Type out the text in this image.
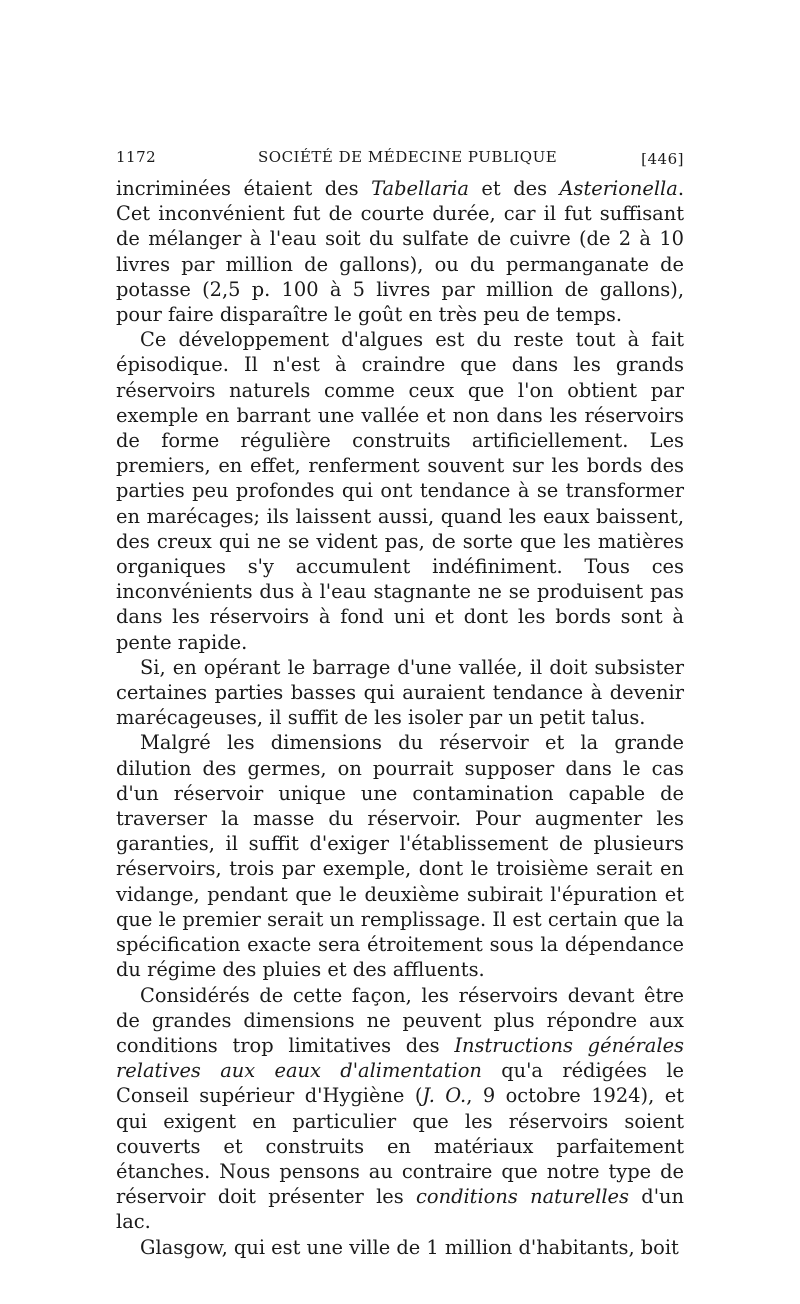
1172	SOCIÉTÉ DE MÉDECINE PUBLIQUE	[446]

incriminées étaient des Tabellaria et des Asterionella. Cet inconvénient fut de courte durée, car il fut suffisant de mélanger à l'eau soit du sulfate de cuivre (de 2 à 10 livres par million de gallons), ou du permanganate de potasse (2,5 p. 100 à 5 livres par million de gallons), pour faire disparaître le goût en très peu de temps.

Ce développement d'algues est du reste tout à fait épisodique. Il n'est à craindre que dans les grands réservoirs naturels comme ceux que l'on obtient par exemple en barrant une vallée et non dans les réservoirs de forme régulière construits artificiellement. Les premiers, en effet, renferment souvent sur les bords des parties peu profondes qui ont tendance à se transformer en marécages; ils laissent aussi, quand les eaux baissent, des creux qui ne se vident pas, de sorte que les matières organiques s'y accumulent indéfiniment. Tous ces inconvénients dus à l'eau stagnante ne se produisent pas dans les réservoirs à fond uni et dont les bords sont à pente rapide.

Si, en opérant le barrage d'une vallée, il doit subsister certaines parties basses qui auraient tendance à devenir marécageuses, il suffit de les isoler par un petit talus.

Malgré les dimensions du réservoir et la grande dilution des germes, on pourrait supposer dans le cas d'un réservoir unique une contamination capable de traverser la masse du réservoir. Pour augmenter les garanties, il suffit d'exiger l'établissement de plusieurs réservoirs, trois par exemple, dont le troisième serait en vidange, pendant que le deuxième subirait l'épuration et que le premier serait un remplissage. Il est certain que la spécification exacte sera étroitement sous la dépendance du régime des pluies et des affluents.

Considérés de cette façon, les réservoirs devant être de grandes dimensions ne peuvent plus répondre aux conditions trop limitatives des Instructions générales relatives aux eaux d'alimentation qu'a rédigées le Conseil supérieur d'Hygiène (J. O., 9 octobre 1924), et qui exigent en particulier que les réservoirs soient couverts et construits en matériaux parfaitement étanches. Nous pensons au contraire que notre type de réservoir doit présenter les conditions naturelles d'un lac.

Glasgow, qui est une ville de 1 million d'habitants, boit
